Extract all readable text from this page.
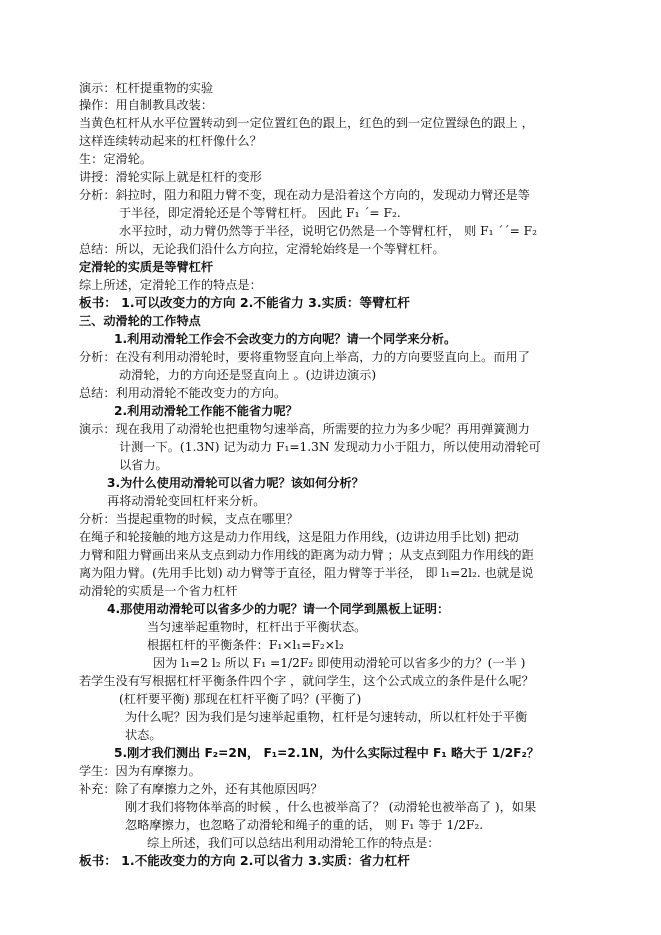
演示：杠杆提重物的实验
操作：用自制教具改装：
当黄色杠杆从水平位置转动到一定位置红色的跟上，红色的到一定位置绿色的跟上 ，
这样连续转动起来的杠杆像什么？
生：定滑轮。
讲授：滑轮实际上就是杠杆的变形
分析：斜拉时，阻力和阻力臂不变，现在动力是沿着这个方向的，发现动力臂还是等
于半径，即定滑轮还是个等臂杠杆。 因此 F₁ ˊ= F₂.
水平拉时，动力臂仍然等于半径，说明它仍然是一个等臂杠杆， 则 F₁ ˊˊ= F₂
总结：所以，无论我们沿什么方向拉，定滑轮始终是一个等臂杠杆。
定滑轮的实质是等臂杠杆
综上所述，定滑轮工作的特点是：
板书： 1.可以改变力的方向 2.不能省力 3.实质：等臂杠杆
三、动滑轮的工作特点
1.利用动滑轮工作会不会改变力的方向呢？请一个同学来分析。
分析：在没有利用动滑轮时，要将重物竖直向上举高，力的方向要竖直向上。而用了
动滑轮，力的方向还是竖直向上 。(边讲边演示)
总结：利用动滑轮不能改变力的方向。
2.利用动滑轮工作能不能省力呢？
演示：现在我用了动滑轮也把重物匀速举高，所需要的拉力为多少呢？再用弹簧测力
计测一下。(1.3N) 记为动力 F₁=1.3N 发现动力小于阻力，所以使用动滑轮可
以省力。
3.为什么使用动滑轮可以省力呢？该如何分析？
再将动滑轮变回杠杆来分析。
分析：当提起重物的时候，支点在哪里？
在绳子和轮接触的地方这是动力作用线，这是阻力作用线，(边讲边用手比划) 把动
力臂和阻力臂画出来从支点到动力作用线的距离为动力臂 ；从支点到阻力作用线的距
离为阻力臂。(先用手比划) 动力臂等于直径，阻力臂等于半径， 即 l₁=2l₂. 也就是说
动滑轮的实质是一个省力杠杆
4.那使用动滑轮可以省多少的力呢？请一个同学到黑板上证明：
当匀速举起重物时，杠杆出于平衡状态。
根据杠杆的平衡条件：F₁×l₁=F₂×l₂
因为 l₁=2 l₂ 所以 F₁ =1/2F₂ 即使用动滑轮可以省多少的力？(一半 )
若学生没有写根据杠杆平衡条件四个字 ，就问学生，这个公式成立的条件是什么呢？
(杠杆要平衡) 那现在杠杆平衡了吗？(平衡了)
为什么呢？因为我们是匀速举起重物，杠杆是匀速转动，所以杠杆处于平衡
状态。
5.刚才我们测出 F₂=2N， F₁=2.1N，为什么实际过程中 F₁ 略大于 1/2F₂？
学生：因为有摩擦力。
补充：除了有摩擦力之外，还有其他原因吗？
刚才我们将物体举高的时候 ，什么也被举高了？ (动滑轮也被举高了 )，如果
忽略摩擦力，也忽略了动滑轮和绳子的重的话， 则 F₁ 等于 1/2F₂.
综上所述，我们可以总结出利用动滑轮工作的特点是：
板书： 1.不能改变力的方向 2.可以省力 3.实质：省力杠杆
